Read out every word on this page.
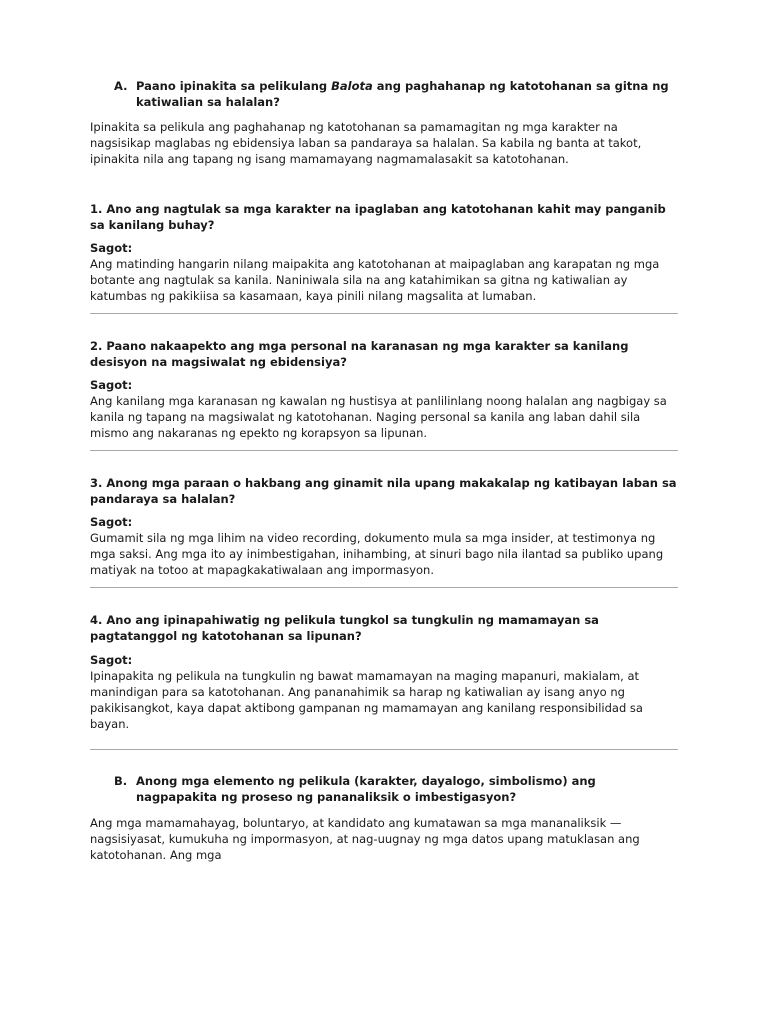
A. Paano ipinakita sa pelikulang Balota ang paghahanap ng katotohanan sa gitna ng katiwalian sa halalan?
Ipinakita sa pelikula ang paghahanap ng katotohanan sa pamamagitan ng mga karakter na nagsisikap maglabas ng ebidensiya laban sa pandaraya sa halalan. Sa kabila ng banta at takot, ipinakita nila ang tapang ng isang mamamayang nagmamalasakit sa katotohanan.
1. Ano ang nagtulak sa mga karakter na ipaglaban ang katotohanan kahit may panganib sa kanilang buhay?
Sagot:
Ang matinding hangarin nilang maipakita ang katotohanan at maipaglaban ang karapatan ng mga botante ang nagtulak sa kanila. Naniniwala sila na ang katahimikan sa gitna ng katiwalian ay katumbas ng pakikiisa sa kasamaan, kaya pinili nilang magsalita at lumaban.
2. Paano nakaapekto ang mga personal na karanasan ng mga karakter sa kanilang desisyon na magsiwalat ng ebidensiya?
Sagot:
Ang kanilang mga karanasan ng kawalan ng hustisya at panlilinlang noong halalan ang nagbigay sa kanila ng tapang na magsiwalat ng katotohanan. Naging personal sa kanila ang laban dahil sila mismo ang nakaranas ng epekto ng korapsyon sa lipunan.
3. Anong mga paraan o hakbang ang ginamit nila upang makakalap ng katibayan laban sa pandaraya sa halalan?
Sagot:
Gumamit sila ng mga lihim na video recording, dokumento mula sa mga insider, at testimonya ng mga saksi. Ang mga ito ay inimbestigahan, inihambing, at sinuri bago nila ilantad sa publiko upang matiyak na totoo at mapagkakatiwalaan ang impormasyon.
4. Ano ang ipinapahiwatig ng pelikula tungkol sa tungkulin ng mamamayan sa pagtatanggol ng katotohanan sa lipunan?
Sagot:
Ipinapakita ng pelikula na tungkulin ng bawat mamamayan na maging mapanuri, makialam, at manindigan para sa katotohanan. Ang pananahimik sa harap ng katiwalian ay isang anyo ng pakikisangkot, kaya dapat aktibong gampanan ng mamamayan ang kanilang responsibilidad sa bayan.
B. Anong mga elemento ng pelikula (karakter, dayalogo, simbolismo) ang nagpapakita ng proseso ng pananaliksik o imbestigasyon?
Ang mga mamamahayag, boluntaryo, at kandidato ang kumatawan sa mga mananaliksik — nagsisiyasat, kumukuha ng impormasyon, at nag-uugnay ng mga datos upang matuklasan ang katotohanan. Ang mga
